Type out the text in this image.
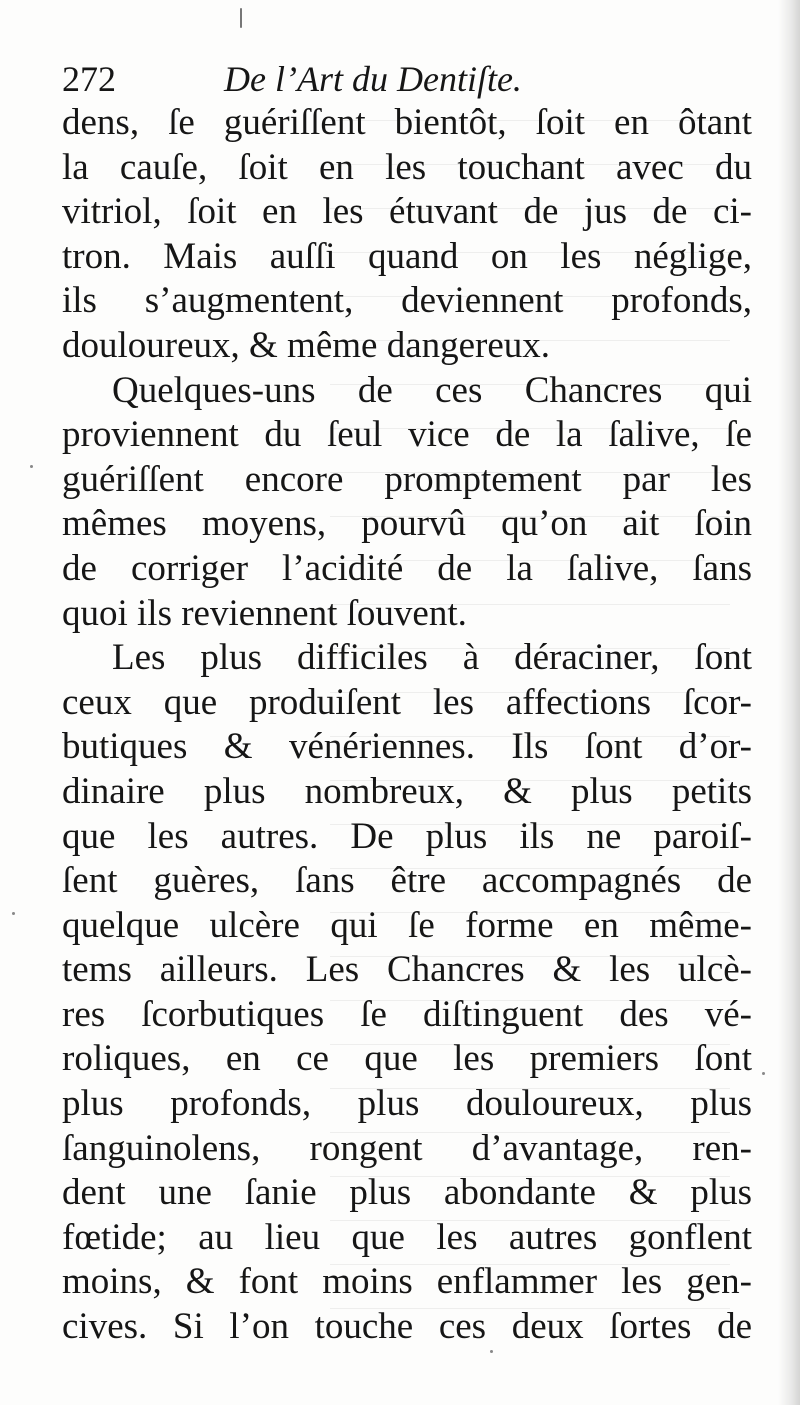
272	De l’Art du Dentiſte.
dens, ſe guériſſent bientôt, ſoit en ôtant
la cauſe, ſoit en les touchant avec du
vitriol, ſoit en les étuvant de jus de ci-
tron. Mais auſſi quand on les néglige,
ils s’augmentent, deviennent profonds,
douloureux, & même dangereux.
Quelques-uns de ces Chancres qui
proviennent du ſeul vice de la ſalive, ſe
guériſſent encore promptement par les
mêmes moyens, pourvû qu’on ait ſoin
de corriger l’acidité de la ſalive, ſans
quoi ils reviennent ſouvent.
Les plus difficiles à déraciner, ſont
ceux que produiſent les affections ſcor-
butiques & vénériennes. Ils ſont d’or-
dinaire plus nombreux, & plus petits
que les autres. De plus ils ne paroiſ-
ſent guères, ſans être accompagnés de
quelque ulcère qui ſe forme en même-
tems ailleurs. Les Chancres & les ulcè-
res ſcorbutiques ſe diſtinguent des vé-
roliques, en ce que les premiers ſont
plus profonds, plus douloureux, plus
ſanguinolens, rongent d’avantage, ren-
dent une ſanie plus abondante & plus
fœtide; au lieu que les autres gonflent
moins, & font moins enflammer les gen-
cives. Si l’on touche ces deux ſortes de
